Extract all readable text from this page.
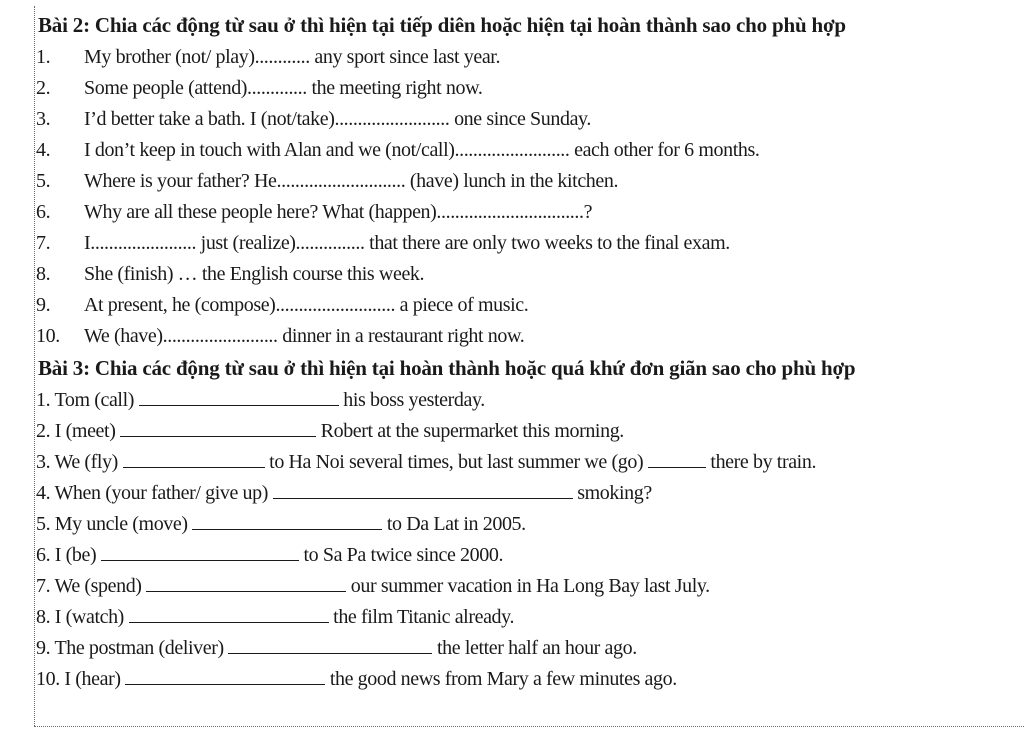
Bài 2: Chia các động từ sau ở thì hiện tại tiếp diên hoặc hiện tại hoàn thành sao cho phù hợp
1. My brother (not/ play)............ any sport since last year.
2. Some people (attend)............. the meeting right now.
3. I’d better take a bath. I (not/take)......................... one since Sunday.
4. I don’t keep in touch with Alan and we (not/call)......................... each other for 6 months.
5. Where is your father? He............................ (have) lunch in the kitchen.
6. Why are all these people here? What (happen)................................?
7. I....................... just (realize)............... that there are only two weeks to the final exam.
8. She (finish) … the English course this week.
9. At present, he (compose).......................... a piece of music.
10. We (have)......................... dinner in a restaurant right now.
Bài 3: Chia các động từ sau ở thì hiện tại hoàn thành hoặc quá khứ đơn giãn sao cho phù hợp
1. Tom (call)	his boss yesterday.
2. I (meet)	Robert at the supermarket this morning.
3. We (fly)	to Ha Noi several times, but last summer we (go)	there by train.
4. When (your father/ give up)	smoking?
5. My uncle (move)	to Da Lat in 2005.
6. I (be)	to Sa Pa twice since 2000.
7. We (spend)	our summer vacation in Ha Long Bay last July.
8. I (watch)	the film Titanic already.
9. The postman (deliver)	the letter half an hour ago.
10. I (hear)	the good news from Mary a few minutes ago.
